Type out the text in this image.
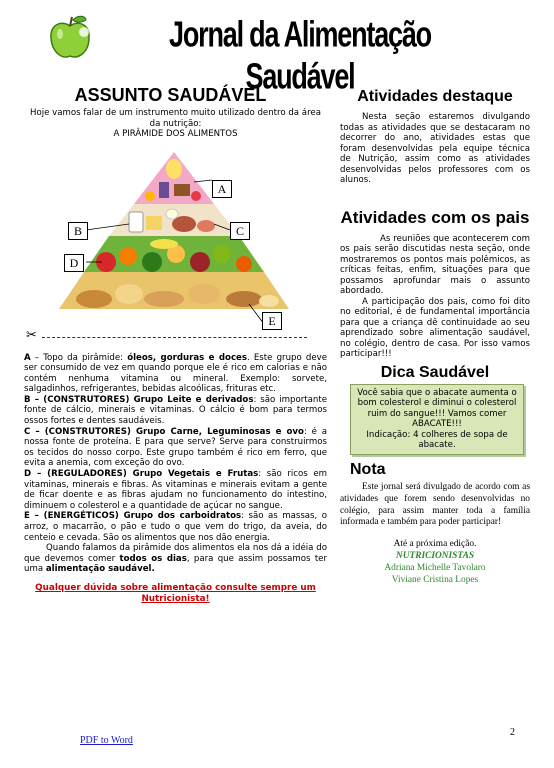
Jornal da Alimentação Saudável
ASSUNTO SAUDÁVEL
Hoje vamos falar de um instrumento muito utilizado dentro da área da nutrição:
A PIRÂMIDE DOS ALIMENTOS
A
B	C
D
E
✂

A – Topo da pirâmide: óleos, gorduras e doces. Este grupo deve ser consumido de vez em quando porque ele é rico em calorias e não contém nenhuma vitamina ou mineral. Exemplo: sorvete, salgadinhos, refrigerantes, bebidas alcoólicas, frituras etc.

B – (CONSTRUTORES) Grupo Leite e derivados: são importante fonte de cálcio, minerais e vitaminas. O cálcio é bom para termos ossos fortes e dentes saudáveis.

C – (CONSTRUTORES) Grupo Carne, Leguminosas e ovo: é a nossa fonte de proteína. E para que serve? Serve para construirmos os tecidos do nosso corpo. Este grupo também é rico em ferro, que evita a anemia, com exceção do ovo.

D – (REGULADORES) Grupo Vegetais e Frutas: são ricos em vitaminas, minerais e fibras. As vitaminas e minerais evitam a gente de ficar doente e as fibras ajudam no funcionamento do intestino, diminuem o colesterol e a quantidade de açúcar no sangue.

E – (ENERGÉTICOS) Grupo dos carboidratos: são as massas, o arroz, o macarrão, o pão e tudo o que vem do trigo, da aveia, do centeio e cevada. São os alimentos que nos dão energia.

Quando falamos da pirâmide dos alimentos ela nos dá a idéia do que devemos comer todos os dias, para que assim possamos ter uma alimentação saudável.

Qualquer dúvida sobre alimentação consulte sempre um Nutricionista!
Atividades destaque

Nesta seção estaremos divulgando todas as atividades que se destacaram no decorrer do ano, atividades estas que foram desenvolvidas pela equipe técnica de Nutrição, assim como as atividades desenvolvidas pelos professores com os alunos.

Atividades com os pais

As reuniões que acontecerem com os pais serão discutidas nesta seção, onde mostraremos os pontos mais polêmicos, as críticas feitas, enfim, situações para que possamos aprofundar mais o assunto abordado.

A participação dos pais, como foi dito no editorial, é de fundamental importância para que a criança dê continuidade ao seu aprendizado sobre alimentação saudável, no colégio, dentro de casa. Por isso vamos participar!!!

Dica Saudável
Você sabia que o abacate aumenta o bom colesterol e diminui o colesterol ruim do sangue!!! Vamos comer ABACATE!!!
Indicação: 4 colheres de sopa de abacate.
Nota

Este jornal será divulgado de acordo com as atividades que forem sendo desenvolvidas no colégio, para assim manter toda a família informada e também para poder participar!

Até a próxima edição.
NUTRICIONISTAS
Adriana Michelle Tavolaro
Viviane Cristina Lopes
2
PDF to Word
